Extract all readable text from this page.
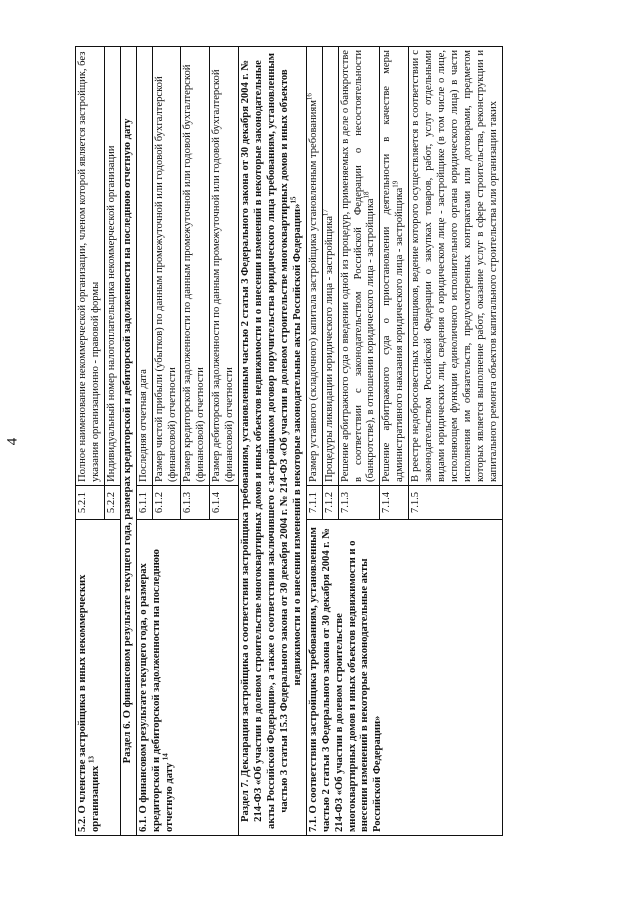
4
5.2. О членстве застройщика в иных некоммерческих организациях $^{13}$	5.2.1	Полное наименование некоммерческой организации, членом которой является застройщик, без указания организационно - правовой формы
	5.2.2	Индивидуальный номер налогоплательщика некоммерческой организации
Раздел 6. О финансовом результате текущего года, размерах кредиторской и дебиторской задолженности на последнюю отчетную дату		
6.1. О финансовом результате текущего года, о размерах кредиторской и дебиторской задолженности на последнюю отчетную дату $^{14}$	6.1.1	Последняя отчетная дата
	6.1.2	Размер чистой прибыли (убытков) по данным промежуточной или годовой бухгалтерской (финансовой) отчетности
	6.1.3	Размер кредиторской задолженности по данным промежуточной или годовой бухгалтерской (финансовой) отчетности
	6.1.4	Размер дебиторской задолженности по данным промежуточной или годовой бухгалтерской (финансовой) отчетности
Раздел 7. Декларация застройщика о соответствии застройщика требованиям, установленным частью 2 статьи 3 Федерального закона от 30 декабря 2004 г. № 214-ФЗ «Об участии в долевом строительстве многоквартирных домов и иных объектов недвижимости и о внесении изменений в некоторые законодательные акты Российской Федерации», а также о соответствии заключившего с застройщиком договор поручительства юридического лица требованиям, установленным частью 3 статьи 15.3 Федерального закона от 30 декабря 2004 г. № 214-ФЗ «Об участии в долевом строительстве многоквартирных домов и иных объектов недвижимости и о внесении изменений в некоторые законодательные акты Российской Федерации»$^{15}$
7.1. О соответствии застройщика требованиям, установленным частью 2 статьи 3 Федерального закона от 30 декабря 2004 г. № 214-ФЗ «Об участии в долевом строительстве многоквартирных домов и иных объектов недвижимости и о внесении изменений в некоторые законодательные акты Российской Федерации»	7.1.1	Размер уставного (складочного) капитала застройщика установленным требованиям$^{16}$
	7.1.2	Процедуры ликвидации юридического лица - застройщика$^{17}$
	7.1.3	Решение арбитражного суда о введении одной из процедур, применяемых в деле о банкротстве в соответствии с законодательством Российской Федерации о несостоятельности (банкротстве), в отношении юридического лица - застройщика$^{18}$
	7.1.4	Решение арбитражного суда о приостановлении деятельности в качестве меры административного наказания юридического лица - застройщика$^{19}$
	7.1.5	В реестре недобросовестных поставщиков, ведение которого осуществляется в соответствии с законодательством Российской Федерации о закупках товаров, работ, услуг отдельными видами юридических лиц, сведения о юридическом лице - застройщике (в том числе о лице, исполняющем функции единоличного исполнительного органа юридического лица) в части исполнения им обязательств, предусмотренных контрактами или договорами, предметом которых является выполнение работ, оказание услуг в сфере строительства, реконструкции и капитального ремонта объектов капитального строительства или организации таких
